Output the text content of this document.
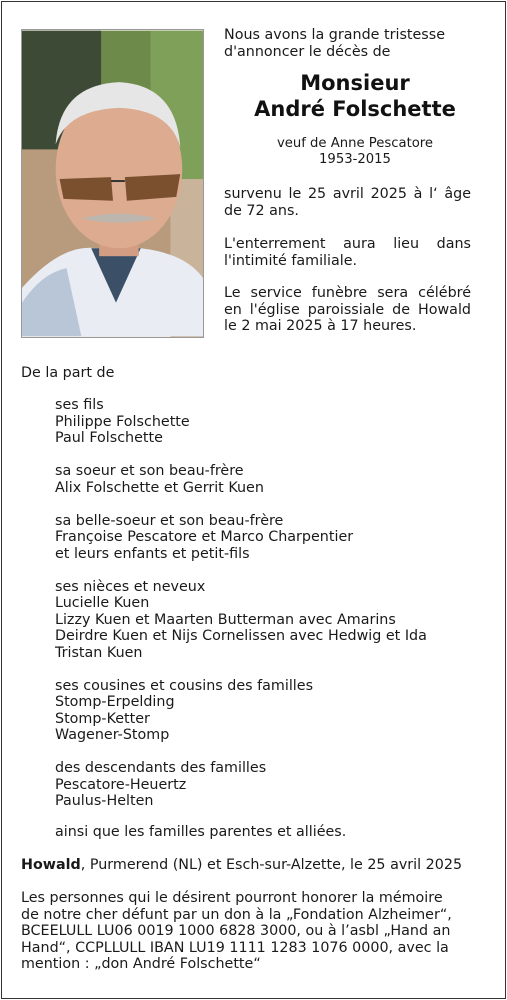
Nous avons la grande tristesse
d'annoncer le décès de
Monsieur
André Folschette
veuf de Anne Pescatore
1953-2015

survenu le 25 avril 2025 à l‘ âge de 72 ans.

L'enterrement aura lieu dans l'intimité familiale.

Le service funèbre sera célébré en l'église paroissiale de Howald le 2 mai 2025 à 17 heures.

De la part de
ses fils
Philippe Folschette
Paul Folschette
sa soeur et son beau-frère
Alix Folschette et Gerrit Kuen
sa belle-soeur et son beau-frère
Françoise Pescatore et Marco Charpentier
et leurs enfants et petit-fils
ses nièces et neveux
Lucielle Kuen
Lizzy Kuen et Maarten Butterman avec Amarins
Deirdre Kuen et Nijs Cornelissen avec Hedwig et Ida
Tristan Kuen
ses cousines et cousins des familles
Stomp-Erpelding
Stomp-Ketter
Wagener-Stomp
des descendants des familles
Pescatore-Heuertz
Paulus-Helten
ainsi que les familles parentes et alliées.
Howald, Purmerend (NL) et Esch-sur-Alzette, le 25 avril 2025
Les personnes qui le désirent pourront honorer la mémoire
de notre cher défunt par un don à la „Fondation Alzheimer“,
BCEELULL LU06 0019 1000 6828 3000, ou à l’asbl „Hand an
Hand“, CCPLLULL IBAN LU19 1111 1283 1076 0000, avec la
mention : „don André Folschette“
